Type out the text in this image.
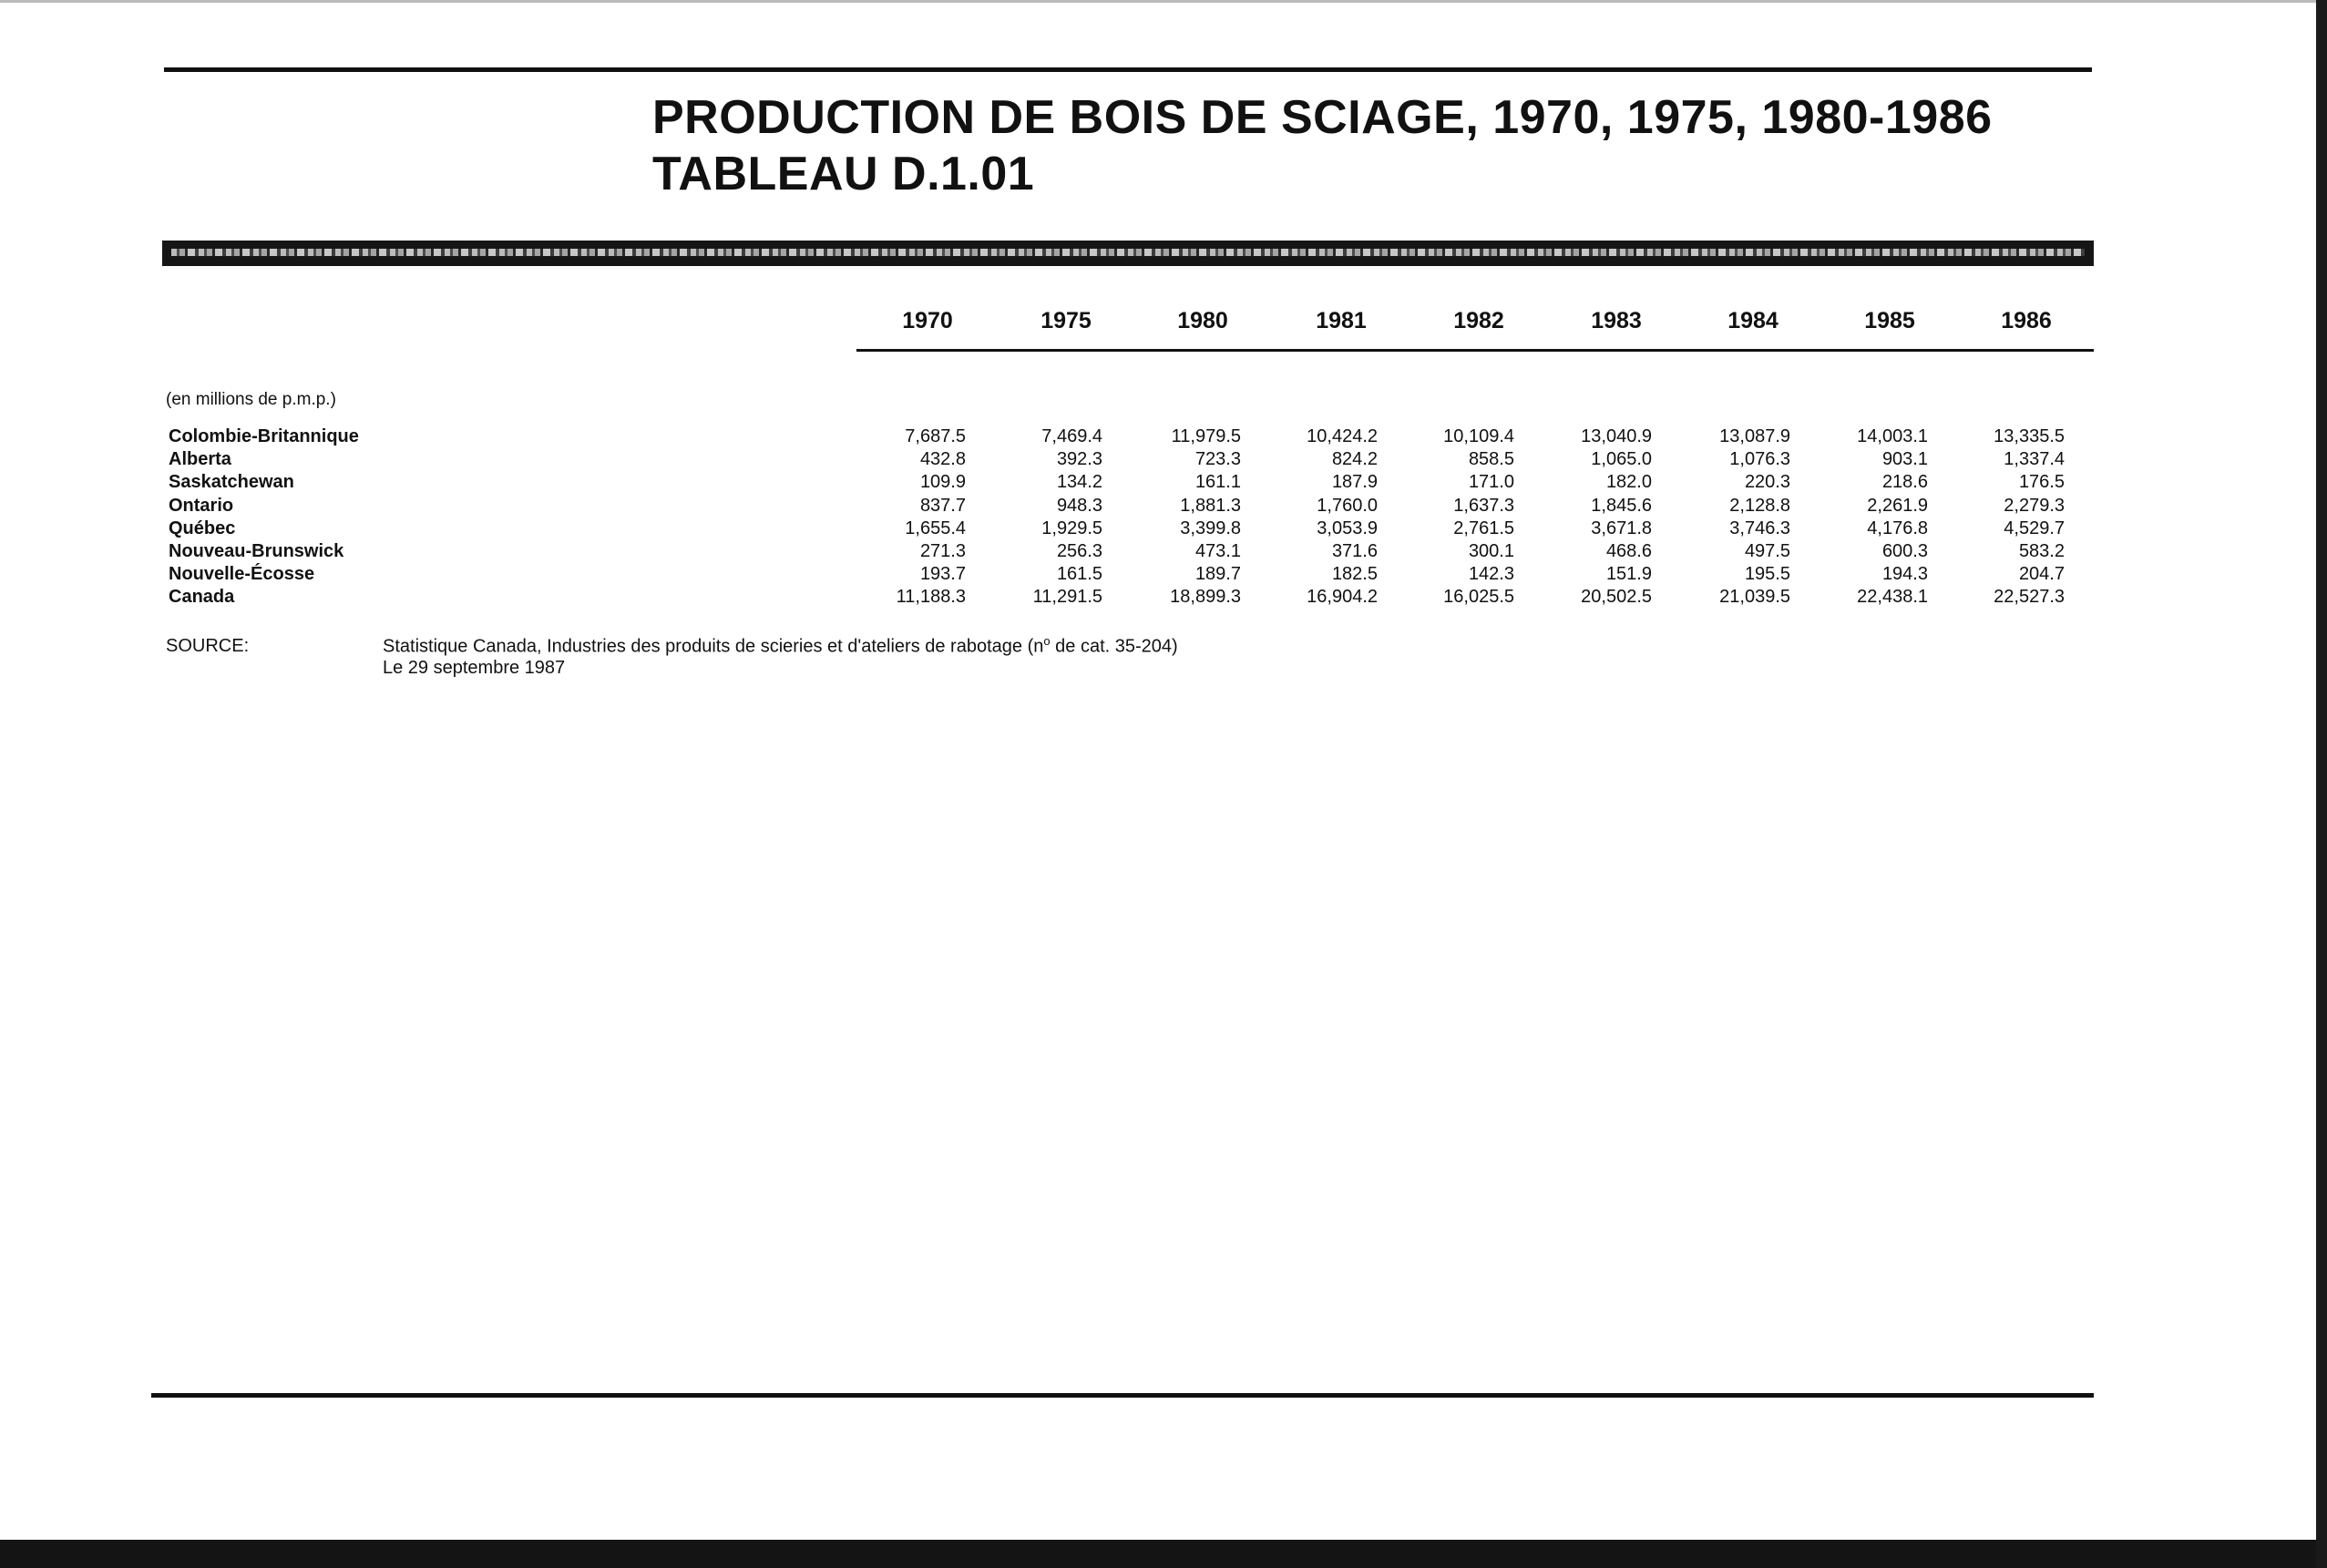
PRODUCTION DE BOIS DE SCIAGE, 1970, 1975, 1980-1986
TABLEAU D.1.01
1970	1975	1980	1981	1982	1983	1984	1985	1986
(en millions de p.m.p.)
Colombie-Britannique	7,687.5	7,469.4	11,979.5	10,424.2	10,109.4	13,040.9	13,087.9	14,003.1	13,335.5
Alberta	432.8	392.3	723.3	824.2	858.5	1,065.0	1,076.3	903.1	1,337.4
Saskatchewan	109.9	134.2	161.1	187.9	171.0	182.0	220.3	218.6	176.5
Ontario	837.7	948.3	1,881.3	1,760.0	1,637.3	1,845.6	2,128.8	2,261.9	2,279.3
Québec	1,655.4	1,929.5	3,399.8	3,053.9	2,761.5	3,671.8	3,746.3	4,176.8	4,529.7
Nouveau-Brunswick	271.3	256.3	473.1	371.6	300.1	468.6	497.5	600.3	583.2
Nouvelle-Écosse	193.7	161.5	189.7	182.5	142.3	151.9	195.5	194.3	204.7
Canada	11,188.3	11,291.5	18,899.3	16,904.2	16,025.5	20,502.5	21,039.5	22,438.1	22,527.3
SOURCE:	Statistique Canada, Industries des produits de scieries et d'ateliers de rabotage ($n^o$ de cat. 35-204)
Le 29 septembre 1987
